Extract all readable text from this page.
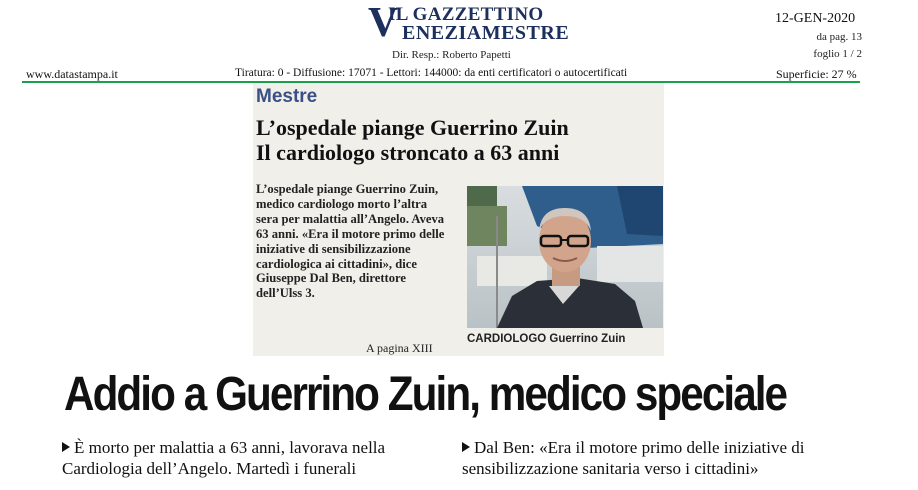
V
IL GAZZETTINO
ENEZIAMESTRE
Dir. Resp.: Roberto Papetti
12-GEN-2020
da pag. 13
foglio 1 / 2
www.datastampa.it	Tiratura: 0 - Diffusione: 17071 - Lettori: 144000: da enti certificatori o autocertificati	Superficie: 27 %
Mestre
L’ospedale piange Guerrino Zuin
Il cardiologo stroncato a 63 anni
L’ospedale piange Guerrino Zuin, medico cardiologo morto l’altra sera per malattia all’Angelo. Aveva 63 anni. «Era il motore primo delle iniziative di sensibilizzazione cardiologica ai cittadini», dice Giuseppe Dal Ben, direttore dell’Ulss 3.
A pagina XIII
CARDIOLOGO Guerrino Zuin
Addio a Guerrino Zuin, medico speciale
È morto per malattia a 63 anni, lavorava nella Cardiologia dell’Angelo. Martedì i funerali
Dal Ben: «Era il motore primo delle iniziative di sensibilizzazione sanitaria verso i cittadini»
